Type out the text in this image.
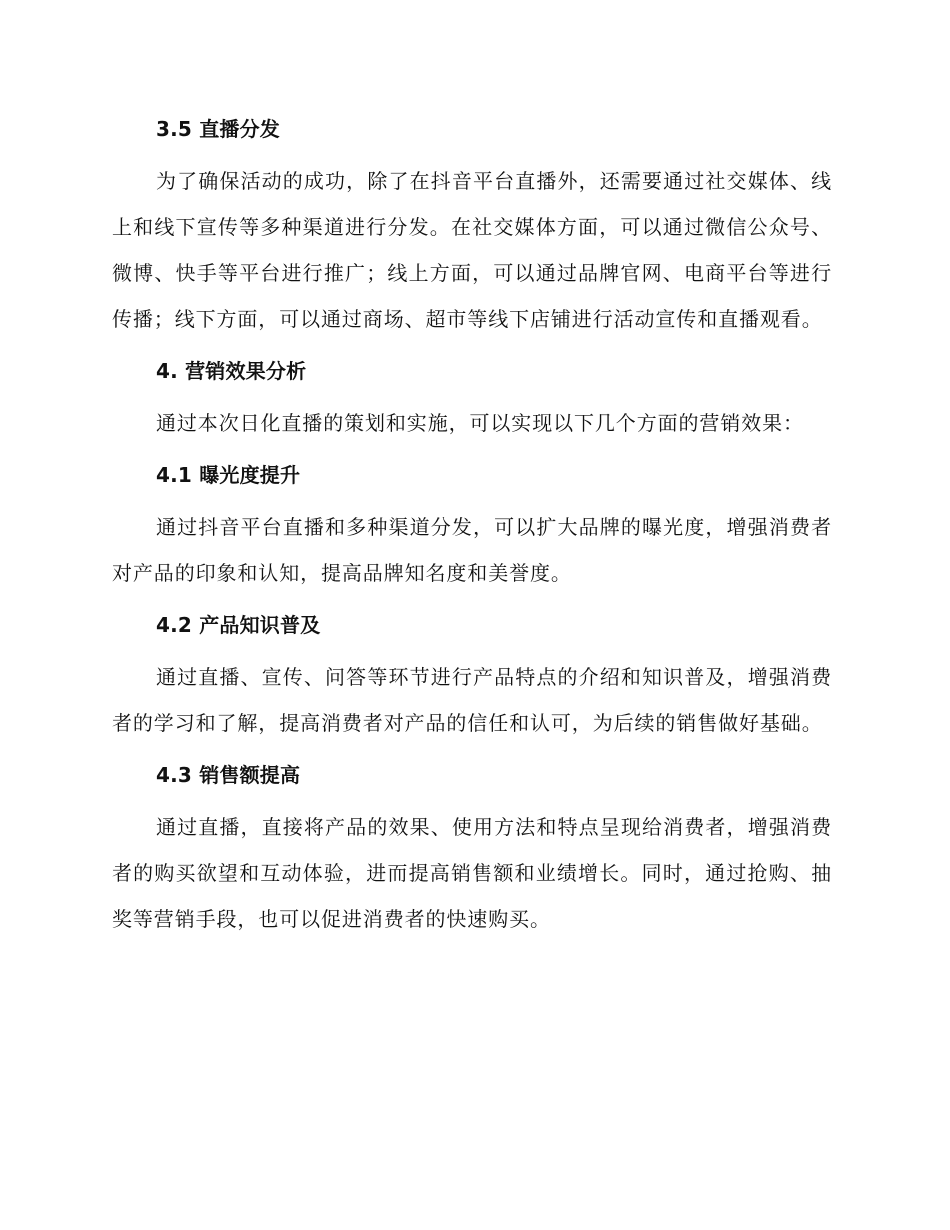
3.5 直播分发

为了确保活动的成功，除了在抖音平台直播外，还需要通过社交媒体、线上和线下宣传等多种渠道进行分发。在社交媒体方面，可以通过微信公众号、微博、快手等平台进行推广；线上方面，可以通过品牌官网、电商平台等进行传播；线下方面，可以通过商场、超市等线下店铺进行活动宣传和直播观看。

4. 营销效果分析

通过本次日化直播的策划和实施，可以实现以下几个方面的营销效果：

4.1 曝光度提升

通过抖音平台直播和多种渠道分发，可以扩大品牌的曝光度，增强消费者对产品的印象和认知，提高品牌知名度和美誉度。

4.2 产品知识普及

通过直播、宣传、问答等环节进行产品特点的介绍和知识普及，增强消费者的学习和了解，提高消费者对产品的信任和认可，为后续的销售做好基础。

4.3 销售额提高

通过直播，直接将产品的效果、使用方法和特点呈现给消费者，增强消费者的购买欲望和互动体验，进而提高销售额和业绩增长。同时，通过抢购、抽奖等营销手段，也可以促进消费者的快速购买。
